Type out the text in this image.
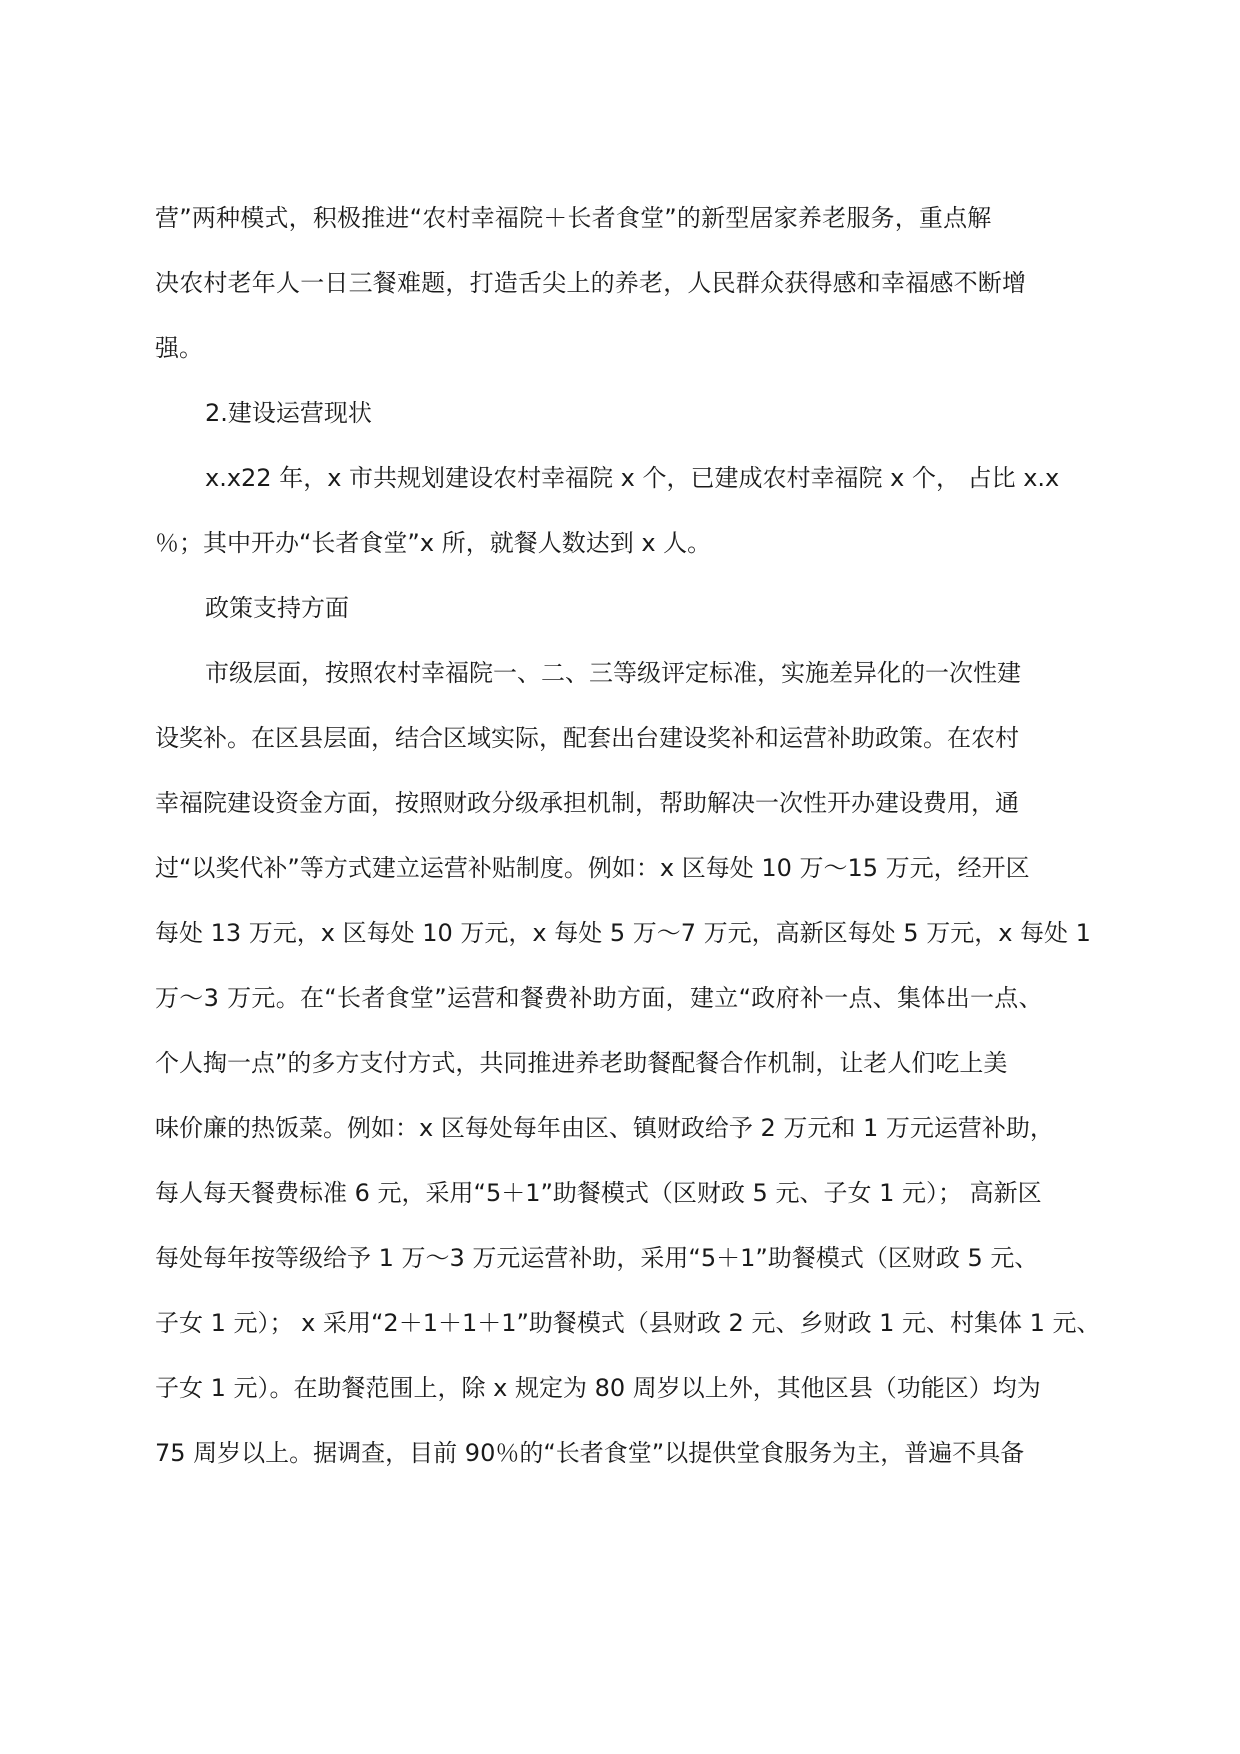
营”两种模式，积极推进“农村幸福院＋长者食堂”的新型居家养老服务，重点解
决农村老年人一日三餐难题，打造舌尖上的养老，人民群众获得感和幸福感不断增
强。
2.建设运营现状
x.x22 年，x 市共规划建设农村幸福院 x 个，已建成农村幸福院 x 个， 占比 x.x
％；其中开办“长者食堂”x 所，就餐人数达到 x 人。
政策支持方面
市级层面，按照农村幸福院一、二、三等级评定标准，实施差异化的一次性建
设奖补。在区县层面，结合区域实际，配套出台建设奖补和运营补助政策。在农村
幸福院建设资金方面，按照财政分级承担机制，帮助解决一次性开办建设费用，通
过“以奖代补”等方式建立运营补贴制度。例如：x 区每处 10 万～15 万元，经开区
每处 13 万元，x 区每处 10 万元，x 每处 5 万～7 万元，高新区每处 5 万元，x 每处 1
万～3 万元。在“长者食堂”运营和餐费补助方面，建立“政府补一点、集体出一点、
个人掏一点”的多方支付方式，共同推进养老助餐配餐合作机制，让老人们吃上美
味价廉的热饭菜。例如：x 区每处每年由区、镇财政给予 2 万元和 1 万元运营补助，
每人每天餐费标准 6 元，采用“5＋1”助餐模式（区财政 5 元、子女 1 元）； 高新区
每处每年按等级给予 1 万～3 万元运营补助，采用“5＋1”助餐模式（区财政 5 元、
子女 1 元）； x 采用“2＋1＋1＋1”助餐模式（县财政 2 元、乡财政 1 元、村集体 1 元、
子女 1 元）。在助餐范围上，除 x 规定为 80 周岁以上外，其他区县（功能区）均为
75 周岁以上。据调查，目前 90％的“长者食堂”以提供堂食服务为主，普遍不具备
